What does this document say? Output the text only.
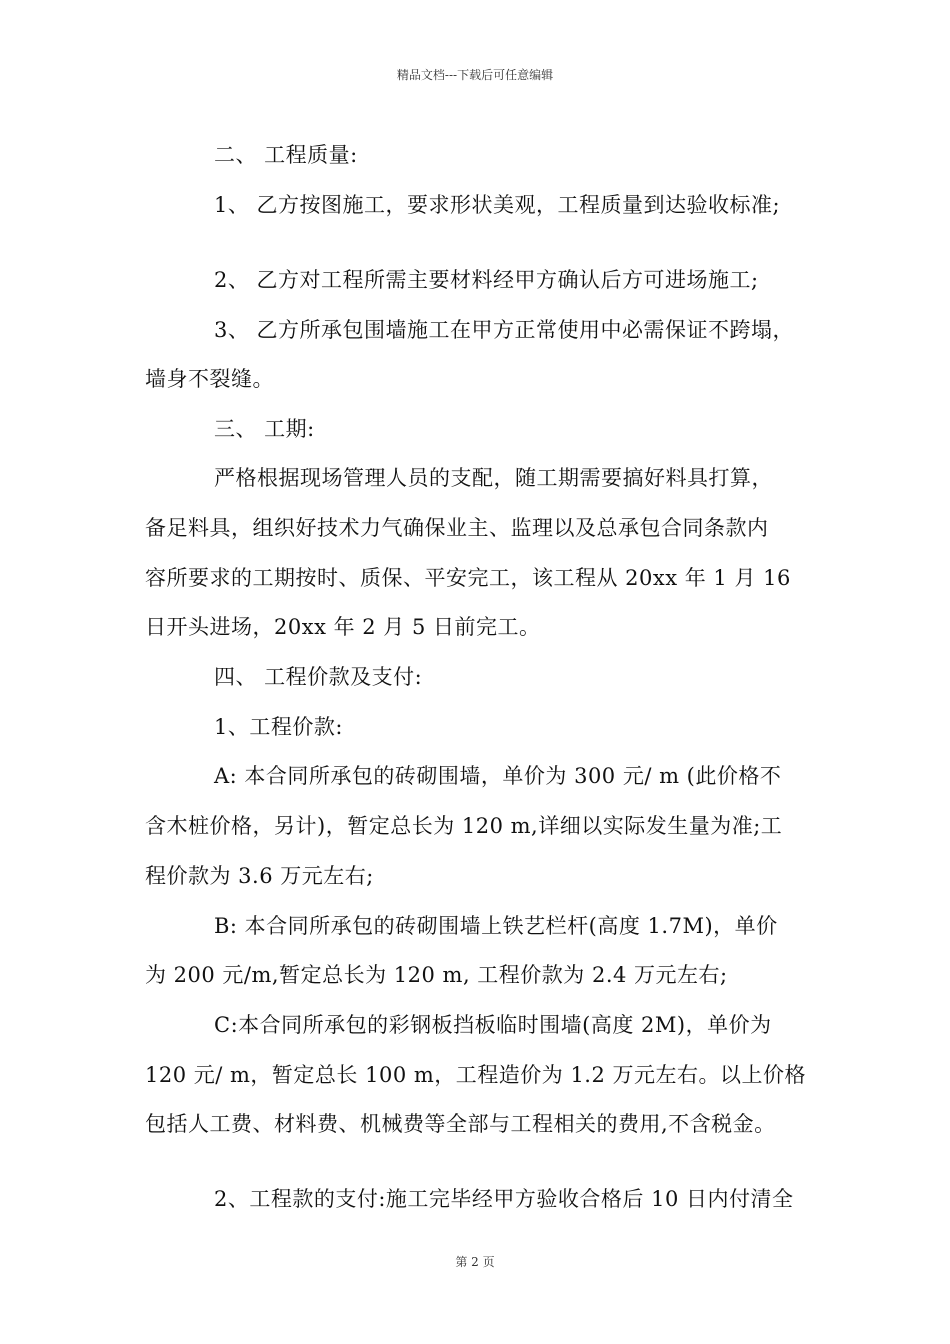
精品文档---下载后可任意编辑
二、 工程质量:
1、 乙方按图施工，要求形状美观，工程质量到达验收标准;
2、 乙方对工程所需主要材料经甲方确认后方可进场施工;
3、 乙方所承包围墙施工在甲方正常使用中必需保证不跨塌，
墙身不裂缝。
三、 工期:
严格根据现场管理人员的支配，随工期需要搞好料具打算，
备足料具，组织好技术力气确保业主、监理以及总承包合同条款内
容所要求的工期按时、质保、平安完工，该工程从 20xx 年 1 月 16
日开头进场，20xx 年 2 月 5 日前完工。
四、 工程价款及支付:
1、工程价款:
A: 本合同所承包的砖砌围墙，单价为 300 元/ m (此价格不
含木桩价格，另计)，暂定总长为 120 m,详细以实际发生量为准;工
程价款为 3.6 万元左右;
B: 本合同所承包的砖砌围墙上铁艺栏杆(高度 1.7M)，单价
为 200 元/m,暂定总长为 120 m, 工程价款为 2.4 万元左右;
C:本合同所承包的彩钢板挡板临时围墙(高度 2M)，单价为
120 元/ m，暂定总长 100 m，工程造价为 1.2 万元左右。以上价格
包括人工费、材料费、机械费等全部与工程相关的费用,不含税金。
2、工程款的支付:施工完毕经甲方验收合格后 10 日内付清全
第 2 页
